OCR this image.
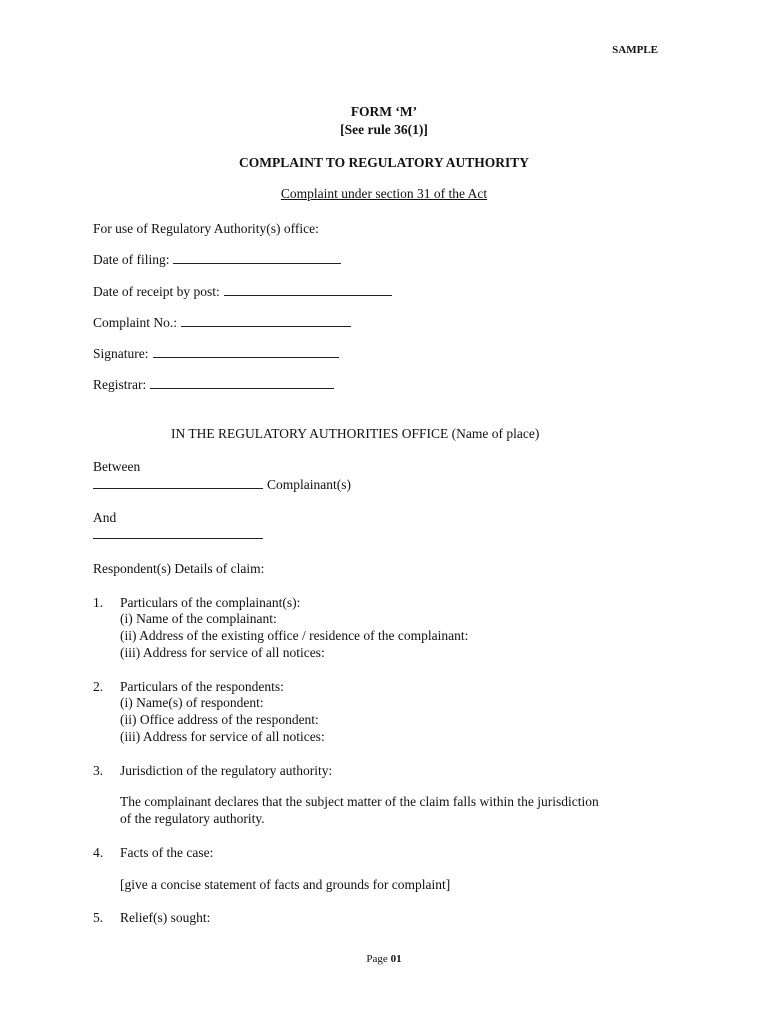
SAMPLE
FORM ‘M’
[See rule 36(1)]
COMPLAINT TO REGULATORY AUTHORITY
Complaint under section 31 of the Act
For use of Regulatory Authority(s) office:
Date of filing:
Date of receipt by post:
Complaint No.:
Signature:
Registrar:
IN THE REGULATORY AUTHORITIES OFFICE (Name of place)
Between
Complainant(s)
And
Respondent(s) Details of claim:
1. Particulars of the complainant(s):
(i) Name of the complainant:
(ii) Address of the existing office / residence of the complainant:
(iii) Address for service of all notices:
2. Particulars of the respondents:
(i) Name(s) of respondent:
(ii) Office address of the respondent:
(iii) Address for service of all notices:
3. Jurisdiction of the regulatory authority:
The complainant declares that the subject matter of the claim falls within the jurisdiction
of the regulatory authority.
4. Facts of the case:
[give a concise statement of facts and grounds for complaint]
5. Relief(s) sought:
Page 01
